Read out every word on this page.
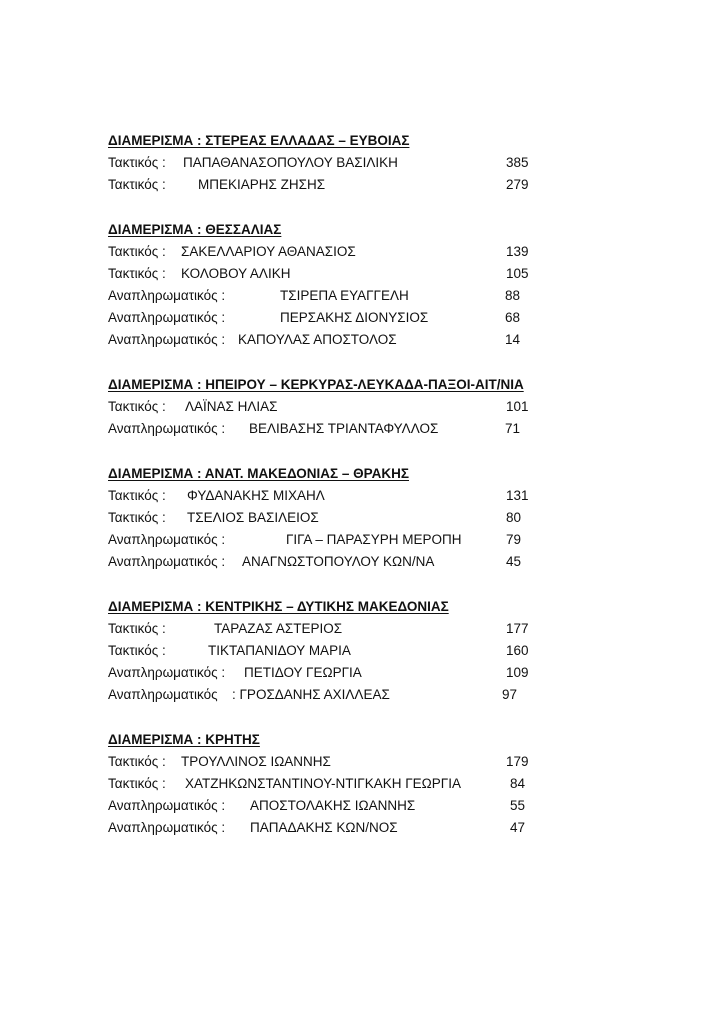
ΔΙΑΜΕΡΙΣΜΑ : ΣΤΕΡΕΑΣ ΕΛΛΑΔΑΣ – ΕΥΒΟΙΑΣ
Τακτικός : ΠΑΠΑΘΑΝΑΣΟΠΟΥΛΟΥ ΒΑΣΙΛΙΚΗ	385
Τακτικός : ΜΠΕΚΙΑΡΗΣ ΖΗΣΗΣ	279
ΔΙΑΜΕΡΙΣΜΑ : ΘΕΣΣΑΛΙΑΣ
Τακτικός : ΣΑΚΕΛΛΑΡΙΟΥ ΑΘΑΝΑΣΙΟΣ	139
Τακτικός : ΚΟΛΟΒΟΥ ΑΛΙΚΗ	105
Αναπληρωματικός :	ΤΣΙΡΕΠΑ ΕΥΑΓΓΕΛΗ	88
Αναπληρωματικός :	ΠΕΡΣΑΚΗΣ ΔΙΟΝΥΣΙΟΣ	68
Αναπληρωματικός : ΚΑΠΟΥΛΑΣ ΑΠΟΣΤΟΛΟΣ	14
ΔΙΑΜΕΡΙΣΜΑ : ΗΠΕΙΡΟΥ – ΚΕΡΚΥΡΑΣ-ΛΕΥΚΑΔΑ-ΠΑΞΟΙ-ΑΙΤ/ΝΙΑ
Τακτικός : ΛΑΪΝΑΣ ΗΛΙΑΣ	101
Αναπληρωματικός : ΒΕΛΙΒΑΣΗΣ ΤΡΙΑΝΤΑΦΥΛΛΟΣ	71
ΔΙΑΜΕΡΙΣΜΑ : ΑΝΑΤ. ΜΑΚΕΔΟΝΙΑΣ – ΘΡΑΚΗΣ
Τακτικός : ΦΥΔΑΝΑΚΗΣ ΜΙΧΑΗΛ	131
Τακτικός : ΤΣΕΛΙΟΣ ΒΑΣΙΛΕΙΟΣ	80
Αναπληρωματικός :	ΓΙΓΑ – ΠΑΡΑΣΥΡΗ ΜΕΡΟΠΗ	79
Αναπληρωματικός : ΑΝΑΓΝΩΣΤΟΠΟΥΛΟΥ ΚΩΝ/ΝΑ	45
ΔΙΑΜΕΡΙΣΜΑ : ΚΕΝΤΡΙΚΗΣ – ΔΥΤΙΚΗΣ ΜΑΚΕΔΟΝΙΑΣ
Τακτικός :	ΤΑΡΑΖΑΣ ΑΣΤΕΡΙΟΣ	177
Τακτικός :	ΤΙΚΤΑΠΑΝΙΔΟΥ ΜΑΡΙΑ	160
Αναπληρωματικός : ΠΕΤΙΔΟΥ ΓΕΩΡΓΙΑ	109
Αναπληρωματικός : ΓΡΟΣΔΑΝΗΣ ΑΧΙΛΛΕΑΣ	97
ΔΙΑΜΕΡΙΣΜΑ : ΚΡΗΤΗΣ
Τακτικός : ΤΡΟΥΛΛΙΝΟΣ ΙΩΑΝΝΗΣ	179
Τακτικός : ΧΑΤΖΗΚΩΝΣΤΑΝΤΙΝΟΥ-ΝΤΙΓΚΑΚΗ ΓΕΩΡΓΙΑ	84
Αναπληρωματικός : ΑΠΟΣΤΟΛΑΚΗΣ ΙΩΑΝΝΗΣ	55
Αναπληρωματικός : ΠΑΠΑΔΑΚΗΣ ΚΩΝ/ΝΟΣ	47
